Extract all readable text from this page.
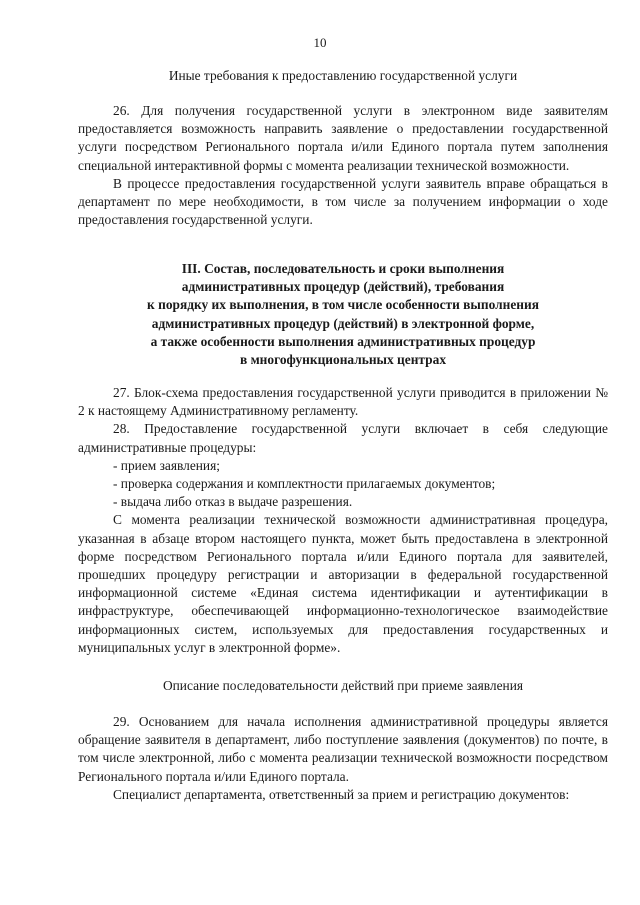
10
Иные требования к предоставлению государственной услуги

26. Для получения государственной услуги в электронном виде заявителям предоставляется возможность направить заявление о предоставлении государственной услуги посредством Регионального портала и/или Единого портала путем заполнения специальной интерактивной формы с момента реализации технической возможности.

В процессе предоставления государственной услуги заявитель вправе обращаться в департамент по мере необходимости, в том числе за получением информации о ходе предоставления государственной услуги.

III. Состав, последовательность и сроки выполнения
административных процедур (действий), требования
к порядку их выполнения, в том числе особенности выполнения
административных процедур (действий) в электронной форме,
а также особенности выполнения административных процедур
в многофункциональных центрах

27. Блок-схема предоставления государственной услуги приводится в приложении № 2 к настоящему Административному регламенту.

28. Предоставление государственной услуги включает в себя следующие административные процедуры:

- прием заявления;

- проверка содержания и комплектности прилагаемых документов;

- выдача либо отказ в выдаче разрешения.

С момента реализации технической возможности административная процедура, указанная в абзаце втором настоящего пункта, может быть предоставлена в электронной форме посредством Регионального портала и/или Единого портала для заявителей, прошедших процедуру регистрации и авторизации в федеральной государственной информационной системе «Единая система идентификации и аутентификации в инфраструктуре, обеспечивающей информационно-технологическое взаимодействие информационных систем, используемых для предоставления государственных и муниципальных услуг в электронной форме».

Описание последовательности действий при приеме заявления

29. Основанием для начала исполнения административной процедуры является обращение заявителя в департамент, либо поступление заявления (документов) по почте, в том числе электронной, либо с момента реализации технической возможности посредством Регионального портала и/или Единого портала.

Специалист департамента, ответственный за прием и регистрацию документов:
